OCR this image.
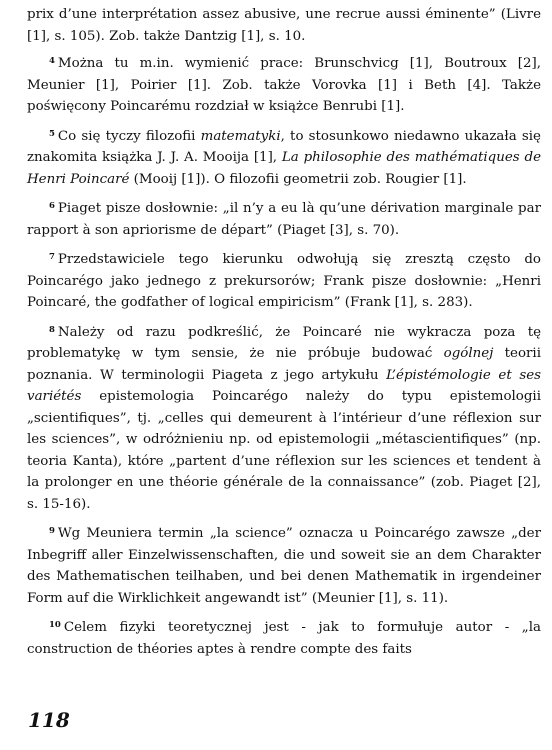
prix d’une interprétation assez abusive, une recrue aussi éminente” (Livre [1], s. 105). Zob. także Dantzig [1], s. 10.

$^4$ Można tu m.in. wymienić prace: Brunschvicg [1], Boutroux [2], Meunier [1], Poirier [1]. Zob. także Vorovka [1] i Beth [4]. Także poświęcony Poincarému rozdział w książce Benrubi [1].

$^5$ Co się tyczy filozofii matematyki, to stosunkowo niedawno ukazała się znakomita książka J. J. A. Mooija [1], La philosophie des mathématiques de Henri Poincaré (Mooij [1]). O filozofii geometrii zob. Rougier [1].

$^6$ Piaget pisze dosłownie: „il n’y a eu là qu’une dérivation marginale par rapport à son apriorisme de départ” (Piaget [3], s. 70).

$^7$ Przedstawiciele tego kierunku odwołują się zresztą często do Poincarégo jako jednego z prekursorów; Frank pisze dosłownie: „Henri Poincaré, the godfather of logical empiricism” (Frank [1], s. 283).

$^8$ Należy od razu podkreślić, że Poincaré nie wykracza poza tę problematykę w tym sensie, że nie próbuje budować ogólnej teorii poznania. W terminologii Piageta z jego artykułu L’épistémologie et ses variétés epistemologia Poincarégo należy do typu epistemologii „scientifiques”, tj. „celles qui demeurent à l’intérieur d’une réflexion sur les sciences”, w odróżnieniu np. od epistemologii „métascientifiques” (np. teoria Kanta), które „partent d’une réflexion sur les sciences et tendent à la prolonger en une théorie générale de la connaissance” (zob. Piaget [2], s. 15-16).

$^9$ Wg Meuniera termin „la science” oznacza u Poincarégo zawsze „der Inbegriff aller Einzelwissenschaften, die und soweit sie an dem Charakter des Mathematischen teilhaben, und bei denen Mathematik in irgendeiner Form auf die Wirklichkeit angewandt ist” (Meunier [1], s. 11).

$^{10}$ Celem fizyki teoretycznej jest - jak to formułuje autor - „la construction de théories aptes à rendre compte des faits

118
